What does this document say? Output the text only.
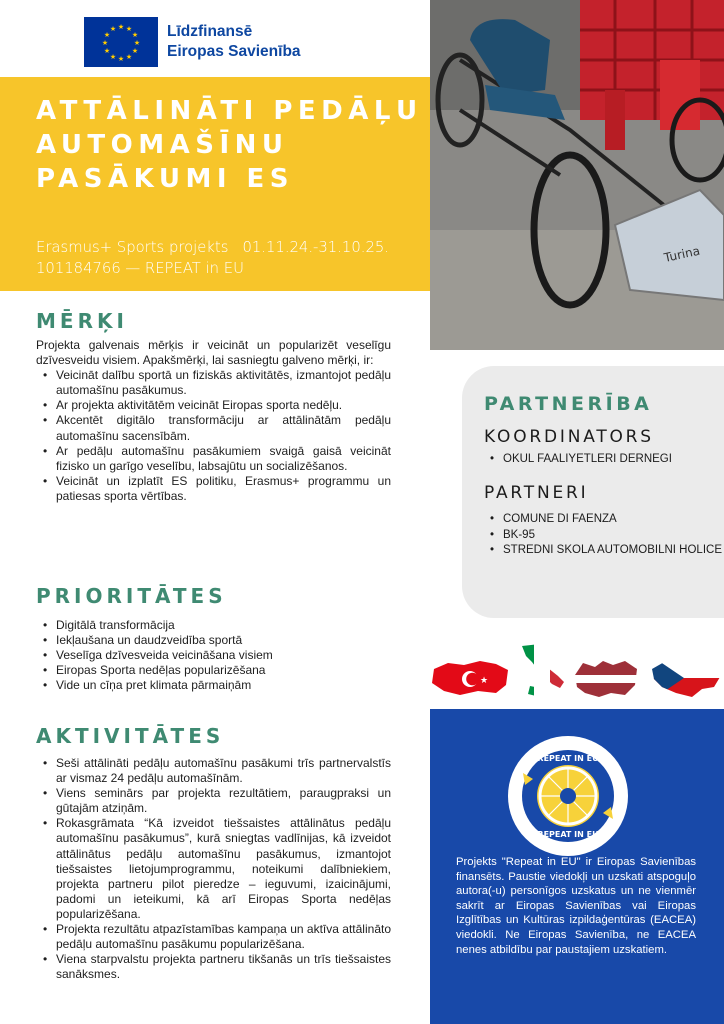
★ ★
★
★
★
★
★
★
★
★
★
★	Līdzfinansē
Eiropas Savienība
ATTĀLINĀTI PEDĀĻU AUTOMAŠĪNU PASĀKUMI ES
Erasmus+ Sports projekts 01.11.24.-31.10.25.
101184766 — REPEAT in EU
Turina
MĒRĶI

Projekta galvenais mērķis ir veicināt un popularizēt veselīgu dzīvesveidu visiem. Apakšmērķi, lai sasniegtu galveno mērķi, ir:

• Veicināt dalību sportā un fiziskās aktivitātēs, izmantojot pedāļu automašīnu pasākumus.
• Ar projekta aktivitātēm veicināt Eiropas sporta nedēļu.
• Akcentēt digitālo transformāciju ar attālinātām pedāļu automašīnu sacensībām.
• Ar pedāļu automašīnu pasākumiem svaigā gaisā veicināt fizisko un garīgo veselību, labsajūtu un socializēšanos.
• Veicināt un izplatīt ES politiku, Erasmus+ programmu un patiesas sporta vērtības.
PRIORITĀTES
• Digitālā transformācija
• Iekļaušana un daudzveidība sportā
• Veselīga dzīvesveida veicināšana visiem
• Eiropas Sporta nedēļas popularizēšana
• Vide un cīņa pret klimata pārmaiņām
AKTIVITĀTES
• Seši attālināti pedāļu automašīnu pasākumi trīs partnervalstīs ar vismaz 24 pedāļu automašīnām.
• Viens seminārs par projekta rezultātiem, paraugpraksi un gūtajām atziņām.
• Rokasgrāmata “Kā izveidot tiešsaistes attālinātus pedāļu automašīnu pasākumus”, kurā sniegtas vadlīnijas, kā izveidot attālinātus pedāļu automašīnu pasākumus, izmantojot tiešsaistes lietojumprogrammu, noteikumi dalībniekiem, projekta partneru pilot pieredze – ieguvumi, izaicinājumi, padomi un ieteikumi, kā arī Eiropas Sporta nedēļas popularizēšana.
• Projekta rezultātu atpazīstamības kampaņa un aktīva attālināto pedāļu automašīnu pasākumu popularizēšana.
• Viena starpvalstu projekta partneru tikšanās un trīs tiešsaistes sanāksmes.
PARTNERĪBA
KOORDINATORS
• OKUL FAALIYETLERI DERNEGI
PARTNERI
• COMUNE DI FAENZA
• BK-95
• STREDNI SKOLA AUTOMOBILNI HOLICE
★
REPEAT IN EU
REPEAT IN EU
Projekts "Repeat in EU" ir Eiropas Savienības finansēts. Paustie viedokļi un uzskati atspoguļo autora(-u) personīgos uzskatus un ne vienmēr sakrīt ar Eiropas Savienības vai Eiropas Izglītības un Kultūras izpildaģentūras (EACEA) viedokli. Ne Eiropas Savienība, ne EACEA nenes atbildību par paustajiem uzskatiem.
